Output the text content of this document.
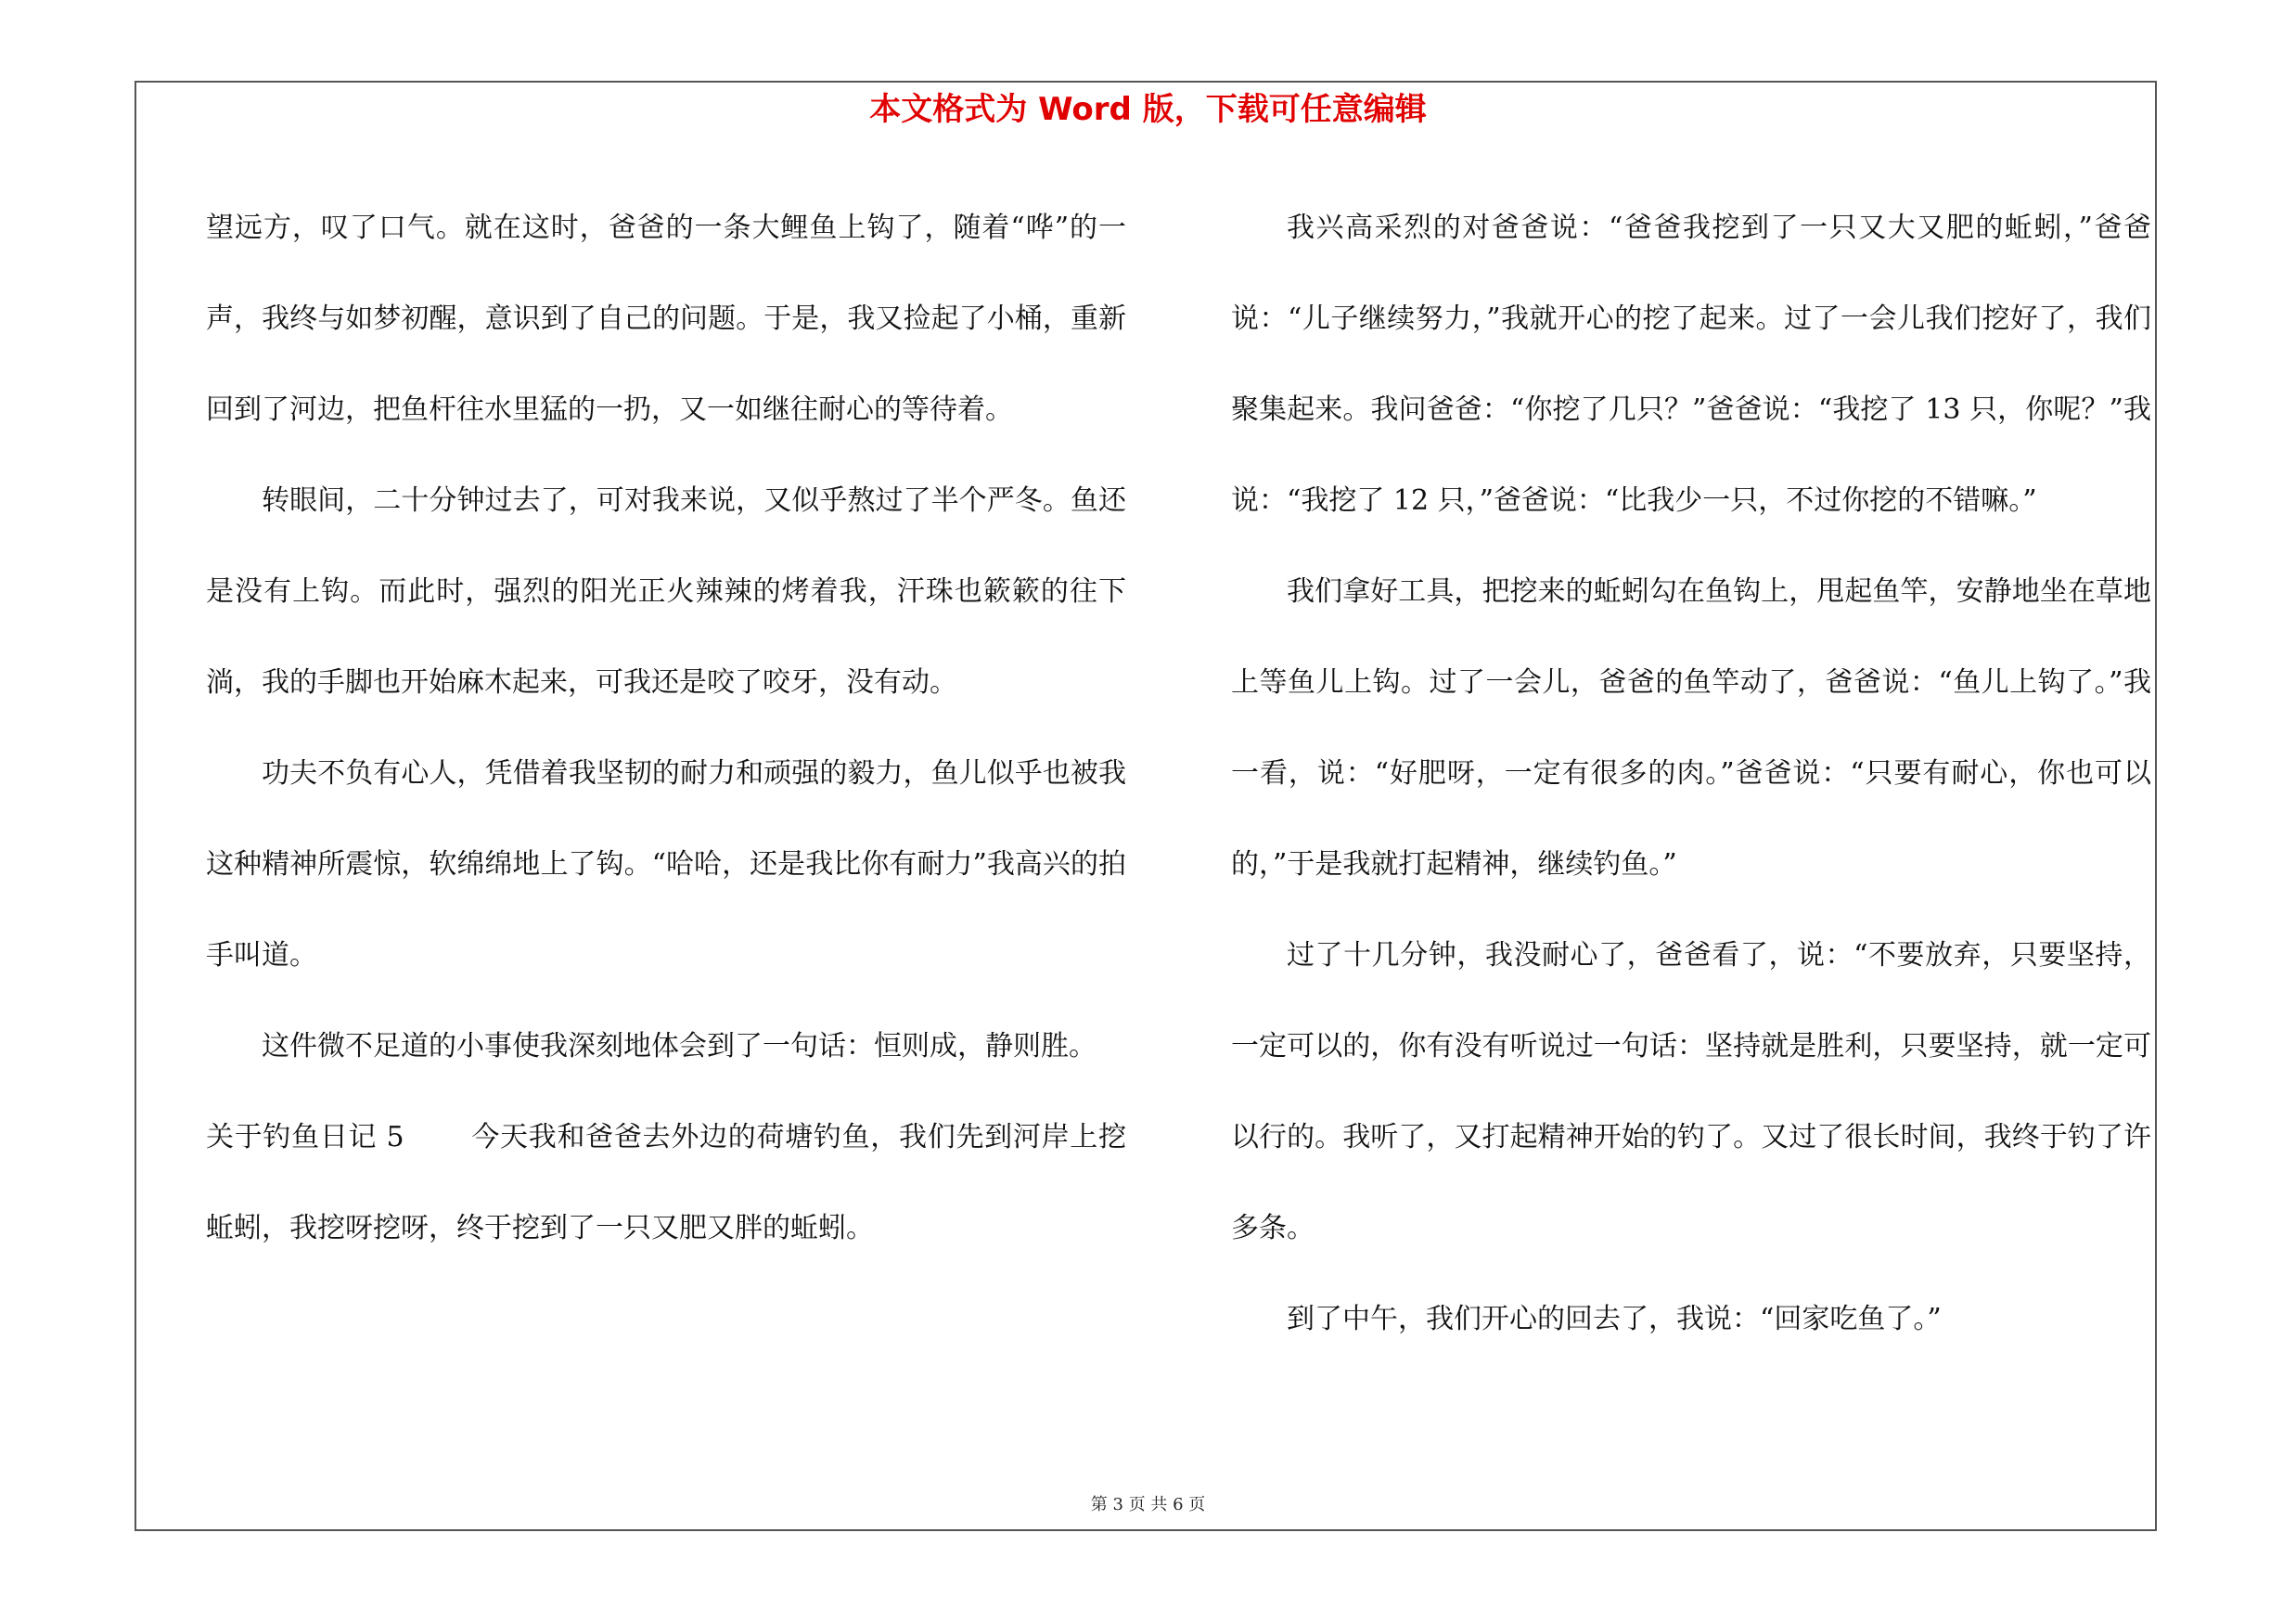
本文格式为 Word 版，下载可任意编辑

望远方，叹了口气。就在这时，爸爸的一条大鲤鱼上钩了，随着“哗”的一声，我终与如梦初醒，意识到了自己的问题。于是，我又捡起了小桶，重新回到了河边，把鱼杆往水里猛的一扔，又一如继往耐心的等待着。

转眼间，二十分钟过去了，可对我来说，又似乎熬过了半个严冬。鱼还是没有上钩。而此时，强烈的阳光正火辣辣的烤着我，汗珠也簌簌的往下淌，我的手脚也开始麻木起来，可我还是咬了咬牙，没有动。

功夫不负有心人，凭借着我坚韧的耐力和顽强的毅力，鱼儿似乎也被我这种精神所震惊，软绵绵地上了钩。“哈哈，还是我比你有耐力”我高兴的拍手叫道。

这件微不足道的小事使我深刻地体会到了一句话：恒则成，静则胜。

关于钓鱼日记 5 今天我和爸爸去外边的荷塘钓鱼，我们先到河岸上挖蚯蚓，我挖呀挖呀，终于挖到了一只又肥又胖的蚯蚓。

我兴高采烈的对爸爸说：“爸爸我挖到了一只又大又肥的蚯蚓，”爸爸说：“儿子继续努力，”我就开心的挖了起来。过了一会儿我们挖好了，我们聚集起来。我问爸爸：“你挖了几只？”爸爸说：“我挖了 13 只，你呢？”我说：“我挖了 12 只，”爸爸说：“比我少一只，不过你挖的不错嘛。”

我们拿好工具，把挖来的蚯蚓勾在鱼钩上，甩起鱼竿，安静地坐在草地上等鱼儿上钩。过了一会儿，爸爸的鱼竿动了，爸爸说：“鱼儿上钩了。”我一看，说：“好肥呀，一定有很多的肉。”爸爸说：“只要有耐心，你也可以的，”于是我就打起精神，继续钓鱼。”

过了十几分钟，我没耐心了，爸爸看了，说：“不要放弃，只要坚持，一定可以的，你有没有听说过一句话：坚持就是胜利，只要坚持，就一定可以行的。我听了，又打起精神开始的钓了。又过了很长时间，我终于钓了许多条。

到了中午，我们开心的回去了，我说：“回家吃鱼了。”

第 3 页 共 6 页
